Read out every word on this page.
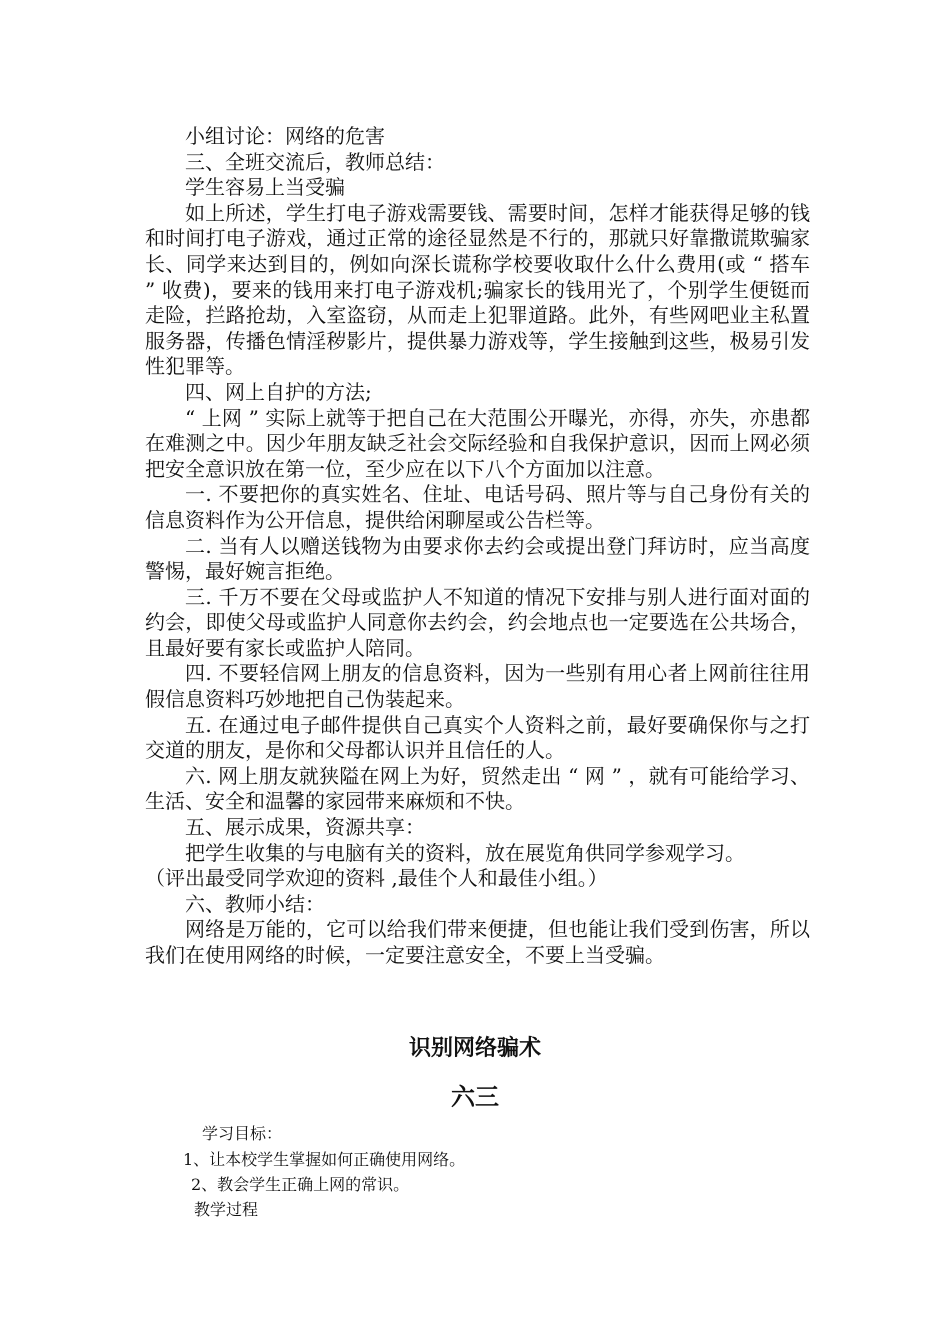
小组讨论：网络的危害

三、全班交流后，教师总结：

学生容易上当受骗

如上所述，学生打电子游戏需要钱、需要时间，怎样才能获得足够的钱和时间打电子游戏，通过正常的途径显然是不行的，那就只好靠撒谎欺骗家长、同学来达到目的，例如向深长谎称学校要收取什么什么费用(或 “ 搭车 ” 收费)，要来的钱用来打电子游戏机;骗家长的钱用光了，个别学生便铤而走险，拦路抢劫，入室盗窃，从而走上犯罪道路。此外，有些网吧业主私置服务器，传播色情淫秽影片，提供暴力游戏等，学生接触到这些，极易引发性犯罪等。

四、网上自护的方法;

“ 上网 ” 实际上就等于把自己在大范围公开曝光，亦得，亦失，亦患都在难测之中。因少年朋友缺乏社会交际经验和自我保护意识，因而上网必须把安全意识放在第一位，至少应在以下八个方面加以注意。

一. 不要把你的真实姓名、住址、电话号码、照片等与自己身份有关的信息资料作为公开信息，提供给闲聊屋或公告栏等。

二. 当有人以赠送钱物为由要求你去约会或提出登门拜访时，应当高度警惕，最好婉言拒绝。

三. 千万不要在父母或监护人不知道的情况下安排与别人进行面对面的约会，即使父母或监护人同意你去约会，约会地点也一定要选在公共场合，且最好要有家长或监护人陪同。

四. 不要轻信网上朋友的信息资料，因为一些别有用心者上网前往往用假信息资料巧妙地把自己伪装起来。

五. 在通过电子邮件提供自己真实个人资料之前，最好要确保你与之打交道的朋友，是你和父母都认识并且信任的人。

六. 网上朋友就狭隘在网上为好，贸然走出 “ 网 ” ，就有可能给学习、生活、安全和温馨的家园带来麻烦和不快。

五、展示成果，资源共享：

把学生收集的与电脑有关的资料，放在展览角供同学参观学习。

（评出最受同学欢迎的资料 ,最佳个人和最佳小组。）

六、教师小结：

网络是万能的，它可以给我们带来便捷，但也能让我们受到伤害，所以我们在使用网络的时候，一定要注意安全，不要上当受骗。

识别网络骗术
六三

学习目标：

1、让本校学生掌握如何正确使用网络。

2、教会学生正确上网的常识。

教学过程
